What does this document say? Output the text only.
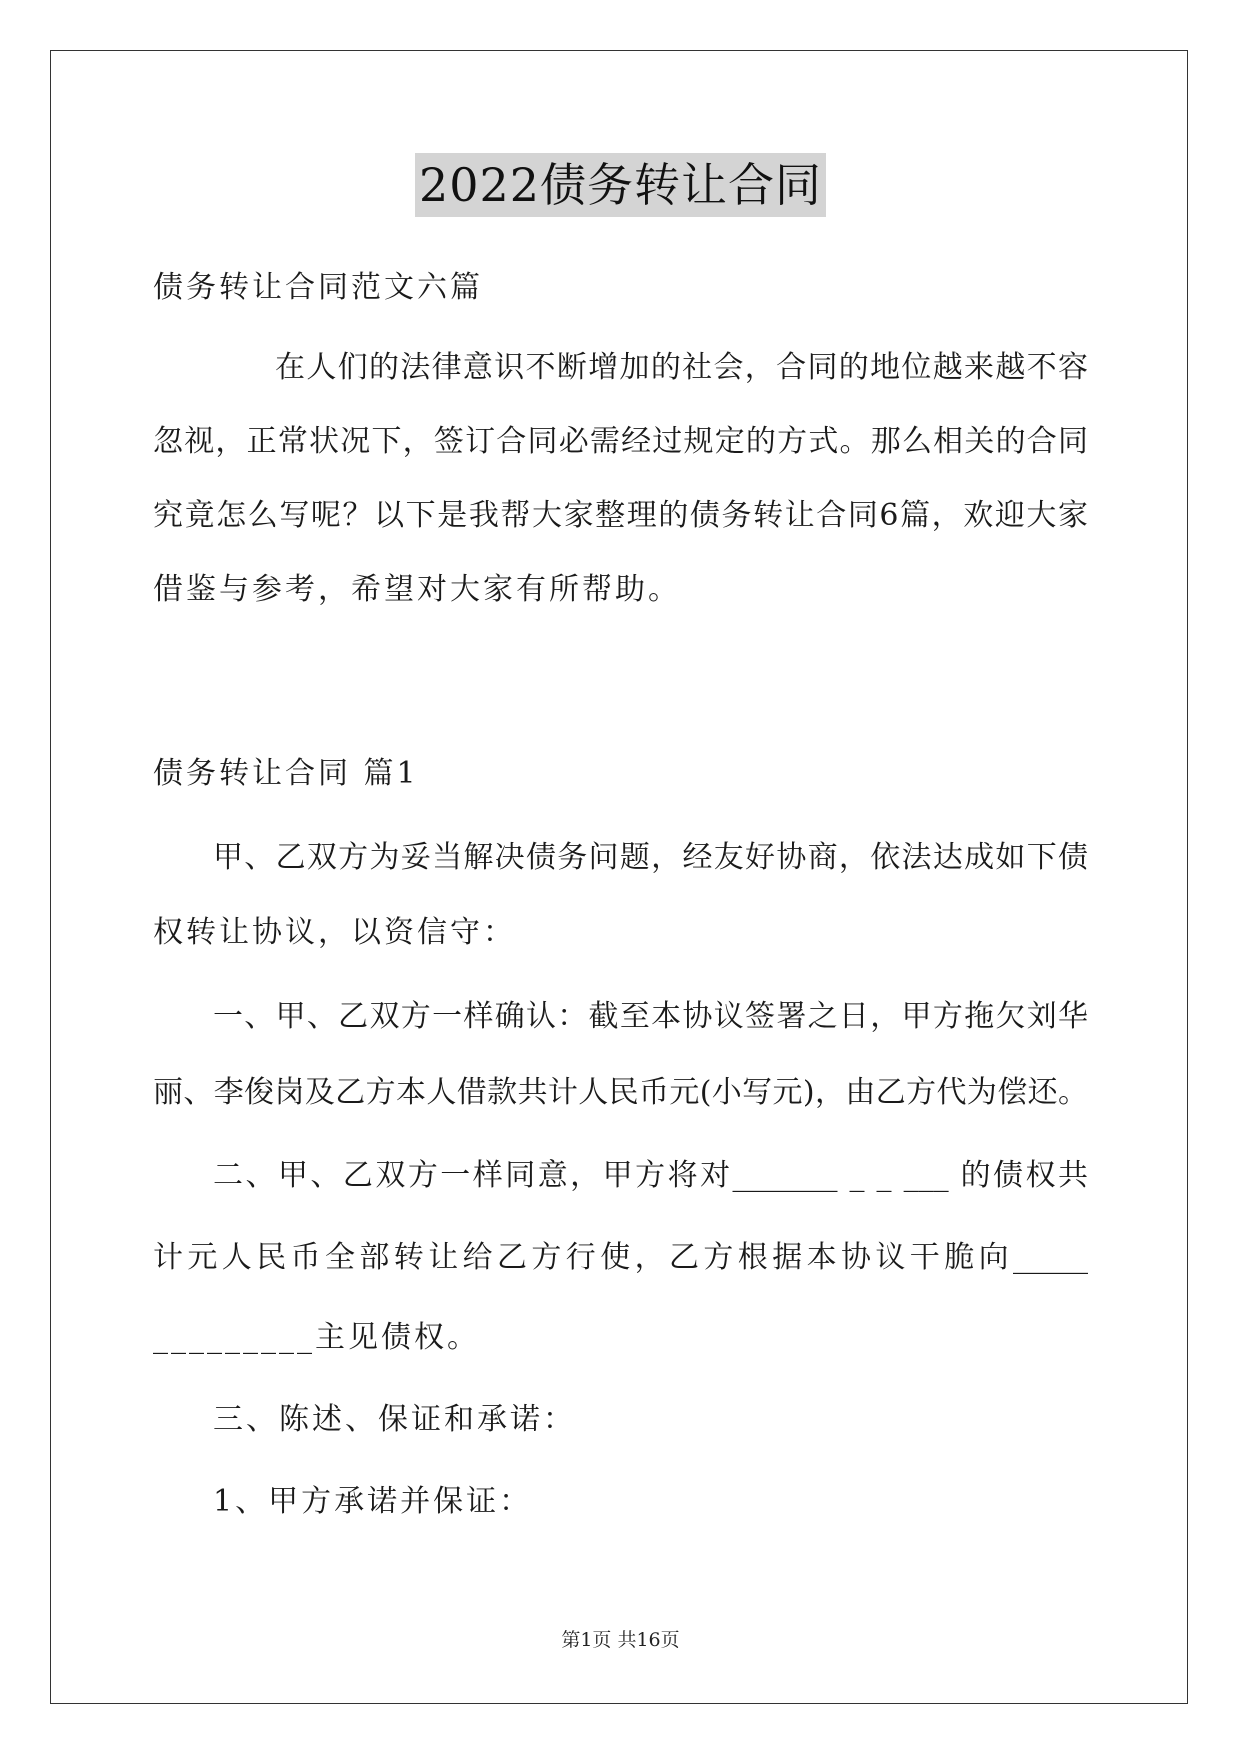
2022债务转让合同
债务转让合同范文六篇
在人们的法律意识不断增加的社会，合同的地位越来越不容
忽视，正常状况下，签订合同必需经过规定的方式。那么相关的合同
究竟怎么写呢？以下是我帮大家整理的债务转让合同6篇，欢迎大家
借鉴与参考，希望对大家有所帮助。
债务转让合同 篇1
甲、乙双方为妥当解决债务问题，经友好协商，依法达成如下债
权转让协议，以资信守：
一、甲、乙双方一样确认：截至本协议签署之日，甲方拖欠刘华
丽、李俊岗及乙方本人借款共计人民币元(小写元)，由乙方代为偿还。
二、甲、乙双方一样同意，甲方将对_______ _ _ ___ 的债权共
计元人民币全部转让给乙方行使，乙方根据本协议干脆向_____
_________主见债权。
三、陈述、保证和承诺：
1、甲方承诺并保证：
第1页 共16页
